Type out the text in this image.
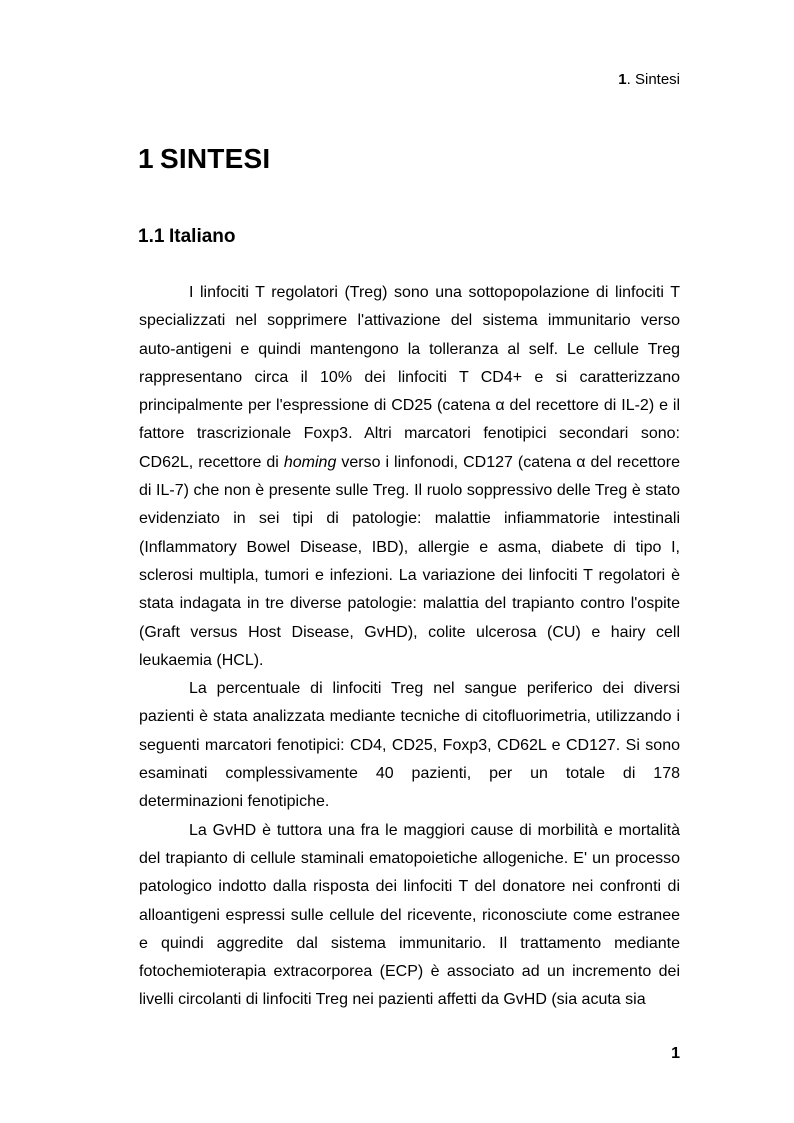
1. Sintesi
1 SINTESI
1.1 Italiano

I linfociti T regolatori (Treg) sono una sottopopolazione di linfociti T specializzati nel sopprimere l'attivazione del sistema immunitario verso auto-antigeni e quindi mantengono la tolleranza al self. Le cellule Treg rappresentano circa il 10% dei linfociti T CD4+ e si caratterizzano principalmente per l'espressione di CD25 (catena α del recettore di IL-2) e il fattore trascrizionale Foxp3. Altri marcatori fenotipici secondari sono: CD62L, recettore di homing verso i linfonodi, CD127 (catena α del recettore di IL-7) che non è presente sulle Treg. Il ruolo soppressivo delle Treg è stato evidenziato in sei tipi di patologie: malattie infiammatorie intestinali (Inflammatory Bowel Disease, IBD), allergie e asma, diabete di tipo I, sclerosi multipla, tumori e infezioni. La variazione dei linfociti T regolatori è stata indagata in tre diverse patologie: malattia del trapianto contro l'ospite (Graft versus Host Disease, GvHD), colite ulcerosa (CU) e hairy cell leukaemia (HCL).

La percentuale di linfociti Treg nel sangue periferico dei diversi pazienti è stata analizzata mediante tecniche di citofluorimetria, utilizzando i seguenti marcatori fenotipici: CD4, CD25, Foxp3, CD62L e CD127. Si sono esaminati complessivamente 40 pazienti, per un totale di 178 determinazioni fenotipiche.

La GvHD è tuttora una fra le maggiori cause di morbilità e mortalità del trapianto di cellule staminali ematopoietiche allogeniche. E' un processo patologico indotto dalla risposta dei linfociti T del donatore nei confronti di alloantigeni espressi sulle cellule del ricevente, riconosciute come estranee e quindi aggredite dal sistema immunitario. Il trattamento mediante fotochemioterapia extracorporea (ECP) è associato ad un incremento dei livelli circolanti di linfociti Treg nei pazienti affetti da GvHD (sia acuta sia

1
